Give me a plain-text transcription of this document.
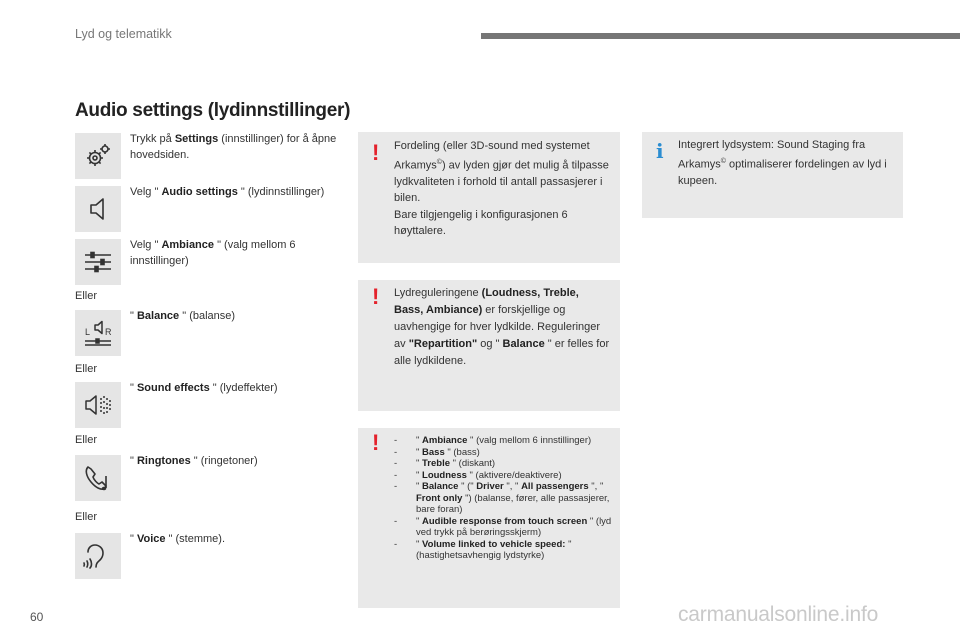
Lyd og telematikk
Audio settings (lydinnstillinger)
Trykk på Settings (innstillinger) for å åpne hovedsiden.
Velg " Audio settings " (lydinnstillinger)
Velg " Ambiance " (valg mellom 6 innstillinger)
Eller
L R
" Balance " (balanse)
Eller
" Sound effects " (lydeffekter)
Eller
" Ringtones " (ringetoner)
Eller
" Voice " (stemme).
! Fordeling (eller 3D-sound med systemet Arkamys©) av lyden gjør det mulig å tilpasse lydkvaliteten i forhold til antall passasjerer i bilen.
Bare tilgjengelig i konfigurasjonen 6 høyttalere.
! Lydreguleringene (Loudness, Treble, Bass, Ambiance) er forskjellige og uavhengige for hver lydkilde. Reguleringer av "Repartition" og " Balance " er felles for alle lydkildene.
! -	" Ambiance " (valg mellom 6 innstillinger)
-	" Bass " (bass)
-	" Treble " (diskant)
-	" Loudness " (aktivere/deaktivere)
-	" Balance " (" Driver ", " All passengers ", " Front only ") (balanse, fører, alle passasjerer, bare foran)
-	" Audible response from touch screen " (lyd ved trykk på berøringsskjerm)
-	" Volume linked to vehicle speed: " (hastighetsavhengig lydstyrke)
i Integrert lydsystem: Sound Staging fra Arkamys© optimaliserer fordelingen av lyd i kupeen.
60	carmanualsonline.info
